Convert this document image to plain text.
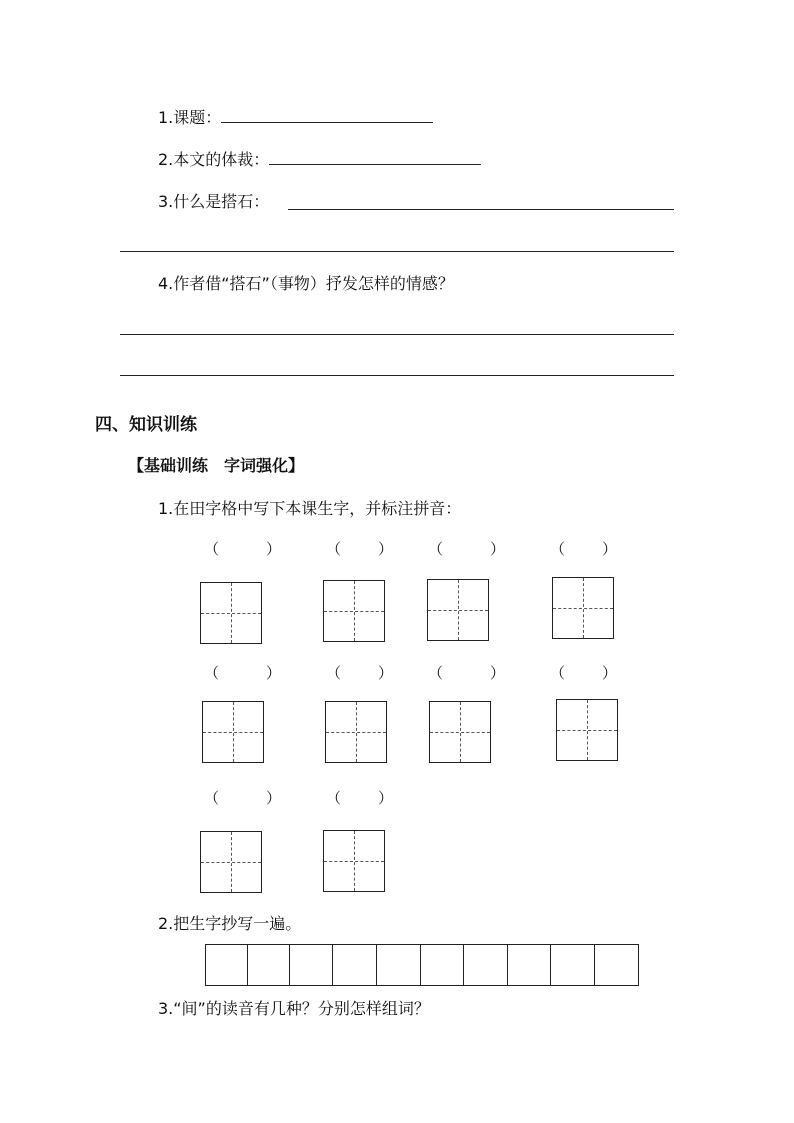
1.课题：
2.本文的体裁：
3.什么是搭石：
4.作者借“搭石”（事物）抒发怎样的情感？
四、知识训练
【基础训练　字词强化】
1.在田字格中写下本课生字，并标注拼音：
（	）	（ ） （	）	（ ）
（	）	（ ） （	）	（ ）
（	）	（ ）
2.把生字抄写一遍。
3.“间”的读音有几种？分别怎样组词？
